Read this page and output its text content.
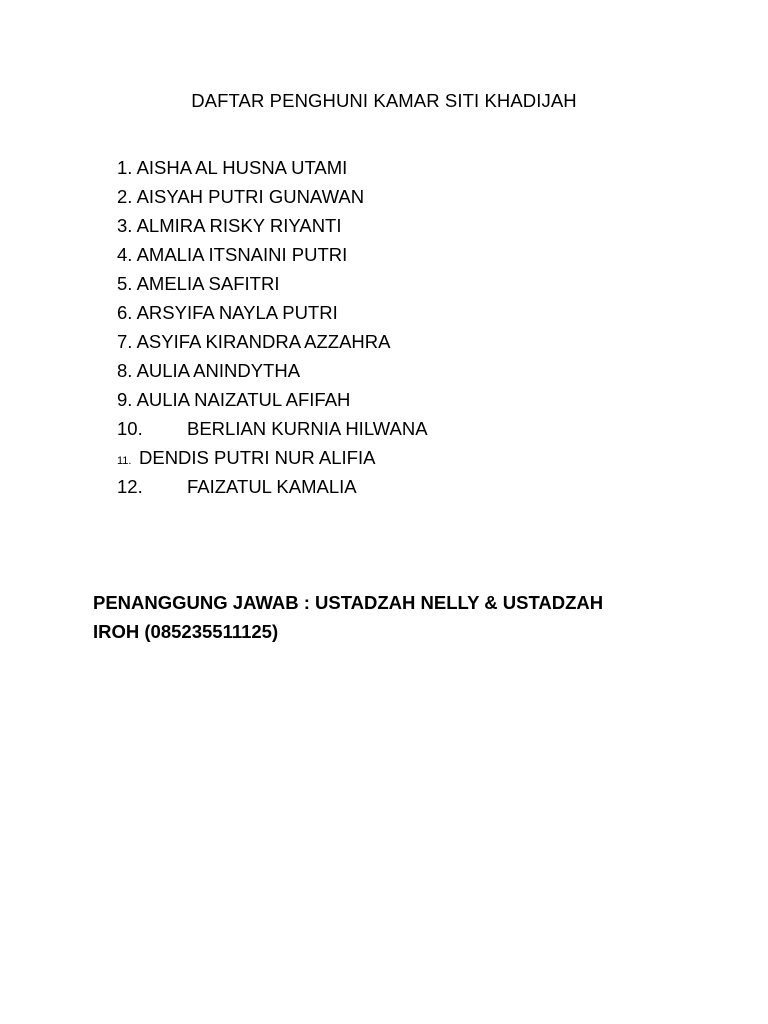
DAFTAR PENGHUNI KAMAR SITI KHADIJAH
1. AISHA AL HUSNA UTAMI
2. AISYAH PUTRI GUNAWAN
3. ALMIRA RISKY RIYANTI
4. AMALIA ITSNAINI PUTRI
5. AMELIA SAFITRI
6. ARSYIFA NAYLA PUTRI
7. ASYIFA KIRANDRA AZZAHRA
8. AULIA ANINDYTHA
9. AULIA NAIZATUL AFIFAH
10. BERLIAN KURNIA HILWANA
11. DENDIS PUTRI NUR ALIFIA
12. FAIZATUL KAMALIA
PENANGGUNG JAWAB : USTADZAH NELLY & USTADZAH
IROH (085235511125)
